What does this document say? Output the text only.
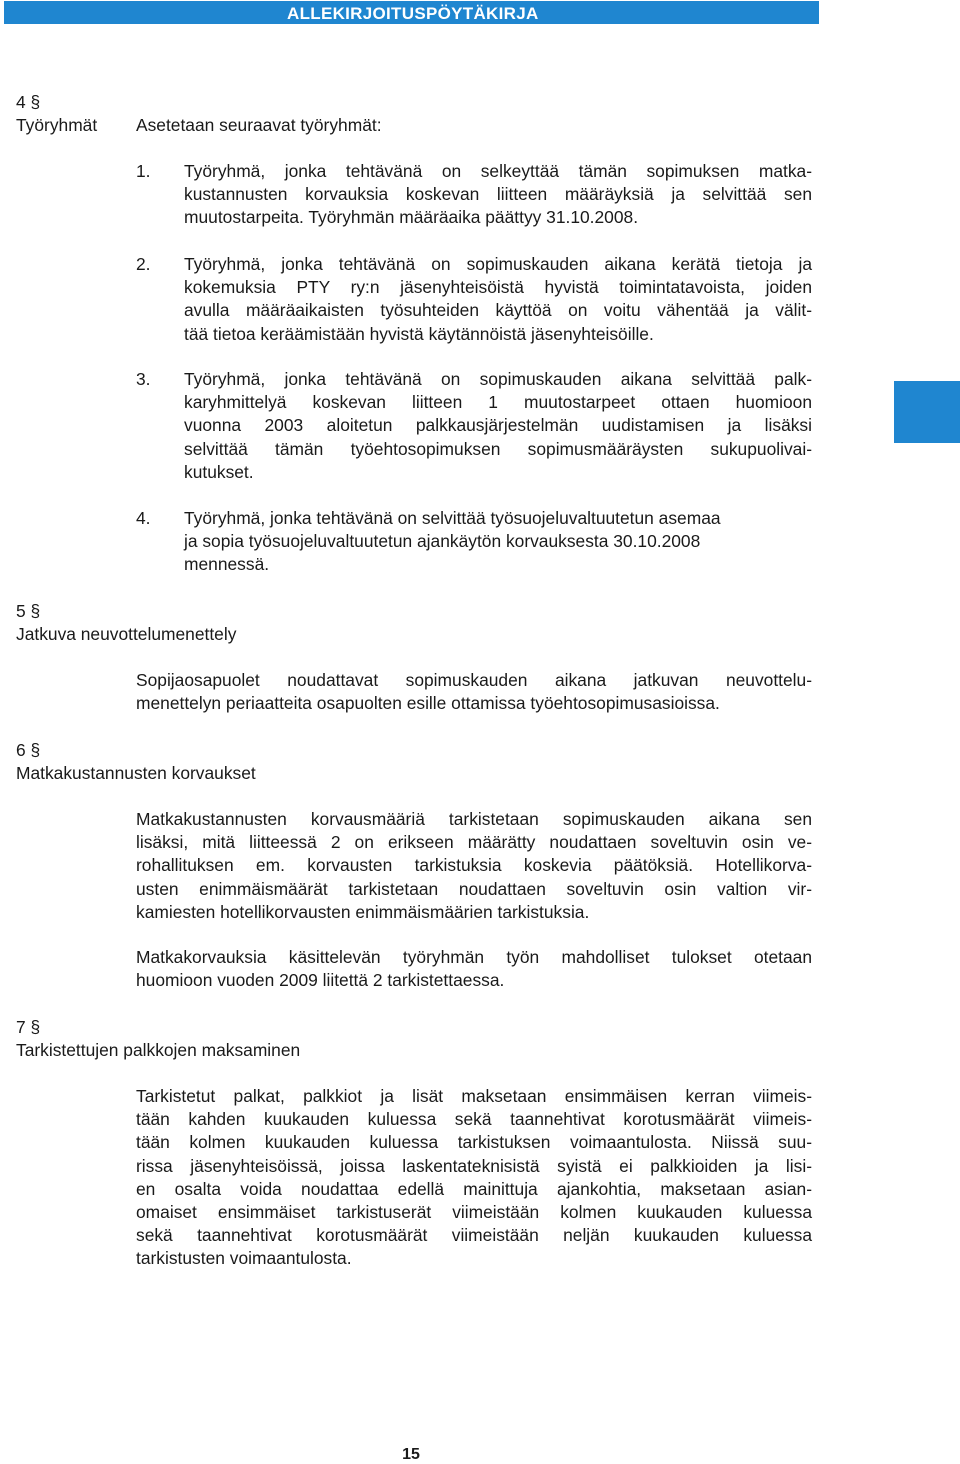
ALLEKIRJOITUSPÖYTÄKIRJA
4 §
Työryhmät Asetetaan seuraavat työryhmät:
1. Työryhmä, jonka tehtävänä on selkeyttää tämän sopimuksen matka-
kustannusten korvauksia koskevan liitteen määräyksiä ja selvittää sen
muutostarpeita. Työryhmän määräaika päättyy 31.10.2008.
2. Työryhmä, jonka tehtävänä on sopimuskauden aikana kerätä tietoja ja
kokemuksia PTY ry:n jäsenyhteisöistä hyvistä toimintatavoista, joiden
avulla määräaikaisten työsuhteiden käyttöä on voitu vähentää ja välit-
tää tietoa keräämistään hyvistä käytännöistä jäsenyhteisöille.
3. Työryhmä, jonka tehtävänä on sopimuskauden aikana selvittää palk-
karyhmittelyä koskevan liitteen 1 muutostarpeet ottaen huomioon
vuonna 2003 aloitetun palkkausjärjestelmän uudistamisen ja lisäksi
selvittää tämän työehtosopimuksen sopimusmääräysten sukupuolivai-
kutukset.
4. Työryhmä, jonka tehtävänä on selvittää työsuojeluvaltuutetun asemaa
ja sopia työsuojeluvaltuutetun ajankäytön korvauksesta 30.10.2008
mennessä.
5 §
Jatkuva neuvottelumenettely
Sopijaosapuolet noudattavat sopimuskauden aikana jatkuvan neuvottelu-
menettelyn periaatteita osapuolten esille ottamissa työehtosopimusasioissa.
6 §
Matkakustannusten korvaukset
Matkakustannusten korvausmääriä tarkistetaan sopimuskauden aikana sen
lisäksi, mitä liitteessä 2 on erikseen määrätty noudattaen soveltuvin osin ve-
rohallituksen em. korvausten tarkistuksia koskevia päätöksiä. Hotellikorva-
usten enimmäismäärät tarkistetaan noudattaen soveltuvin osin valtion vir-
kamiesten hotellikorvausten enimmäismäärien tarkistuksia.
Matkakorvauksia käsittelevän työryhmän työn mahdolliset tulokset otetaan
huomioon vuoden 2009 liitettä 2 tarkistettaessa.
7 §
Tarkistettujen palkkojen maksaminen
Tarkistetut palkat, palkkiot ja lisät maksetaan ensimmäisen kerran viimeis-
tään kahden kuukauden kuluessa sekä taannehtivat korotusmäärät viimeis-
tään kolmen kuukauden kuluessa tarkistuksen voimaantulosta. Niissä suu-
rissa jäsenyhteisöissä, joissa laskentateknisistä syistä ei palkkioiden ja lisi-
en osalta voida noudattaa edellä mainittuja ajankohtia, maksetaan asian-
omaiset ensimmäiset tarkistuserät viimeistään kolmen kuukauden kuluessa
sekä taannehtivat korotusmäärät viimeistään neljän kuukauden kuluessa
tarkistusten voimaantulosta.
15
